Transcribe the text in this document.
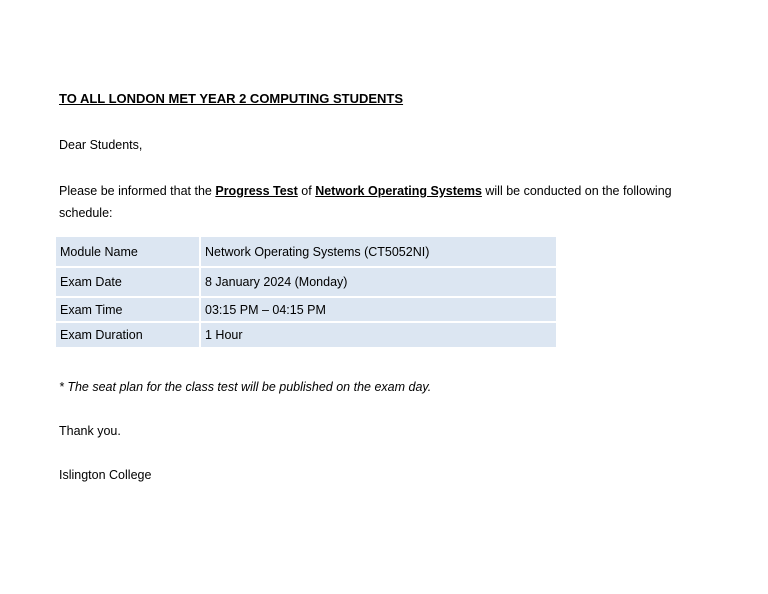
TO ALL LONDON MET YEAR 2 COMPUTING STUDENTS
Dear Students,
Please be informed that the Progress Test of Network Operating Systems will be conducted on the following schedule:
Module Name	Network Operating Systems (CT5052NI)
Exam Date	8 January 2024 (Monday)
Exam Time	03:15 PM – 04:15 PM
Exam Duration	1 Hour
* The seat plan for the class test will be published on the exam day.
Thank you.
Islington College
